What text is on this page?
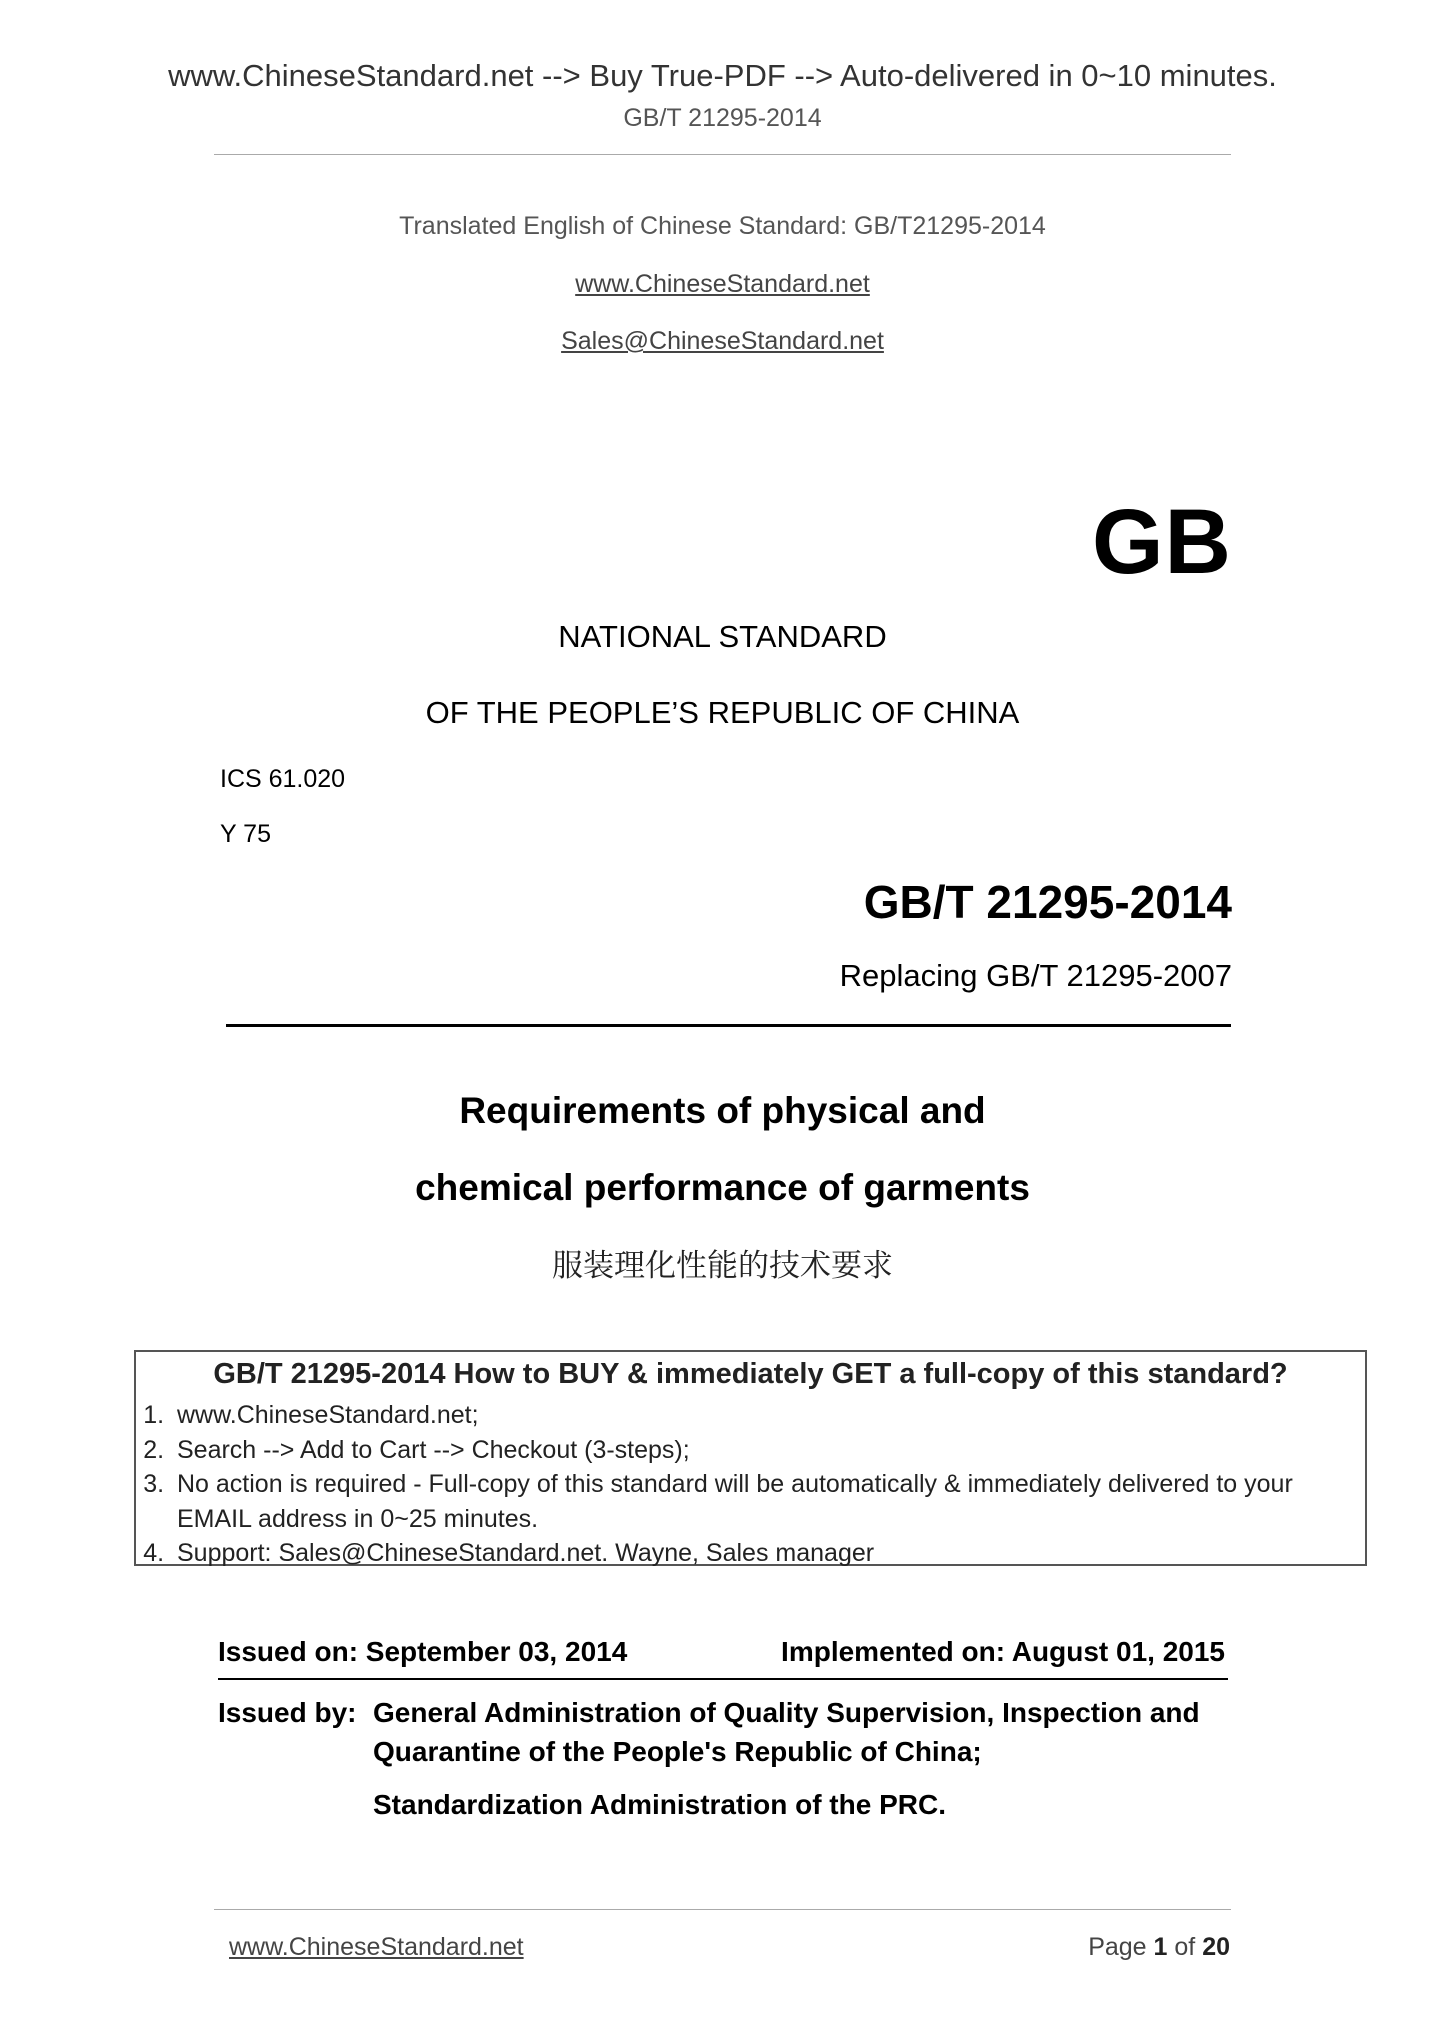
www.ChineseStandard.net --> Buy True-PDF --> Auto-delivered in 0~10 minutes.
GB/T 21295-2014
Translated English of Chinese Standard: GB/T21295-2014
www.ChineseStandard.net
Sales@ChineseStandard.net
GB
NATIONAL STANDARD
OF THE PEOPLE’S REPUBLIC OF CHINA
ICS 61.020
Y 75
GB/T 21295-2014
Replacing GB/T 21295-2007
Requirements of physical and
chemical performance of garments
服装理化性能的技术要求
GB/T 21295-2014 How to BUY & immediately GET a full-copy of this standard?
1. www.ChineseStandard.net;
2. Search --> Add to Cart --> Checkout (3-steps);
3. No action is required - Full-copy of this standard will be automatically & immediately delivered to your EMAIL address in 0~25 minutes.
4. Support: Sales@ChineseStandard.net. Wayne, Sales manager
Issued on: September 03, 2014	Implemented on: August 01, 2015
Issued by: General Administration of Quality Supervision, Inspection and
Quarantine of the People's Republic of China;
Standardization Administration of the PRC.
www.ChineseStandard.net	Page 1 of 20
